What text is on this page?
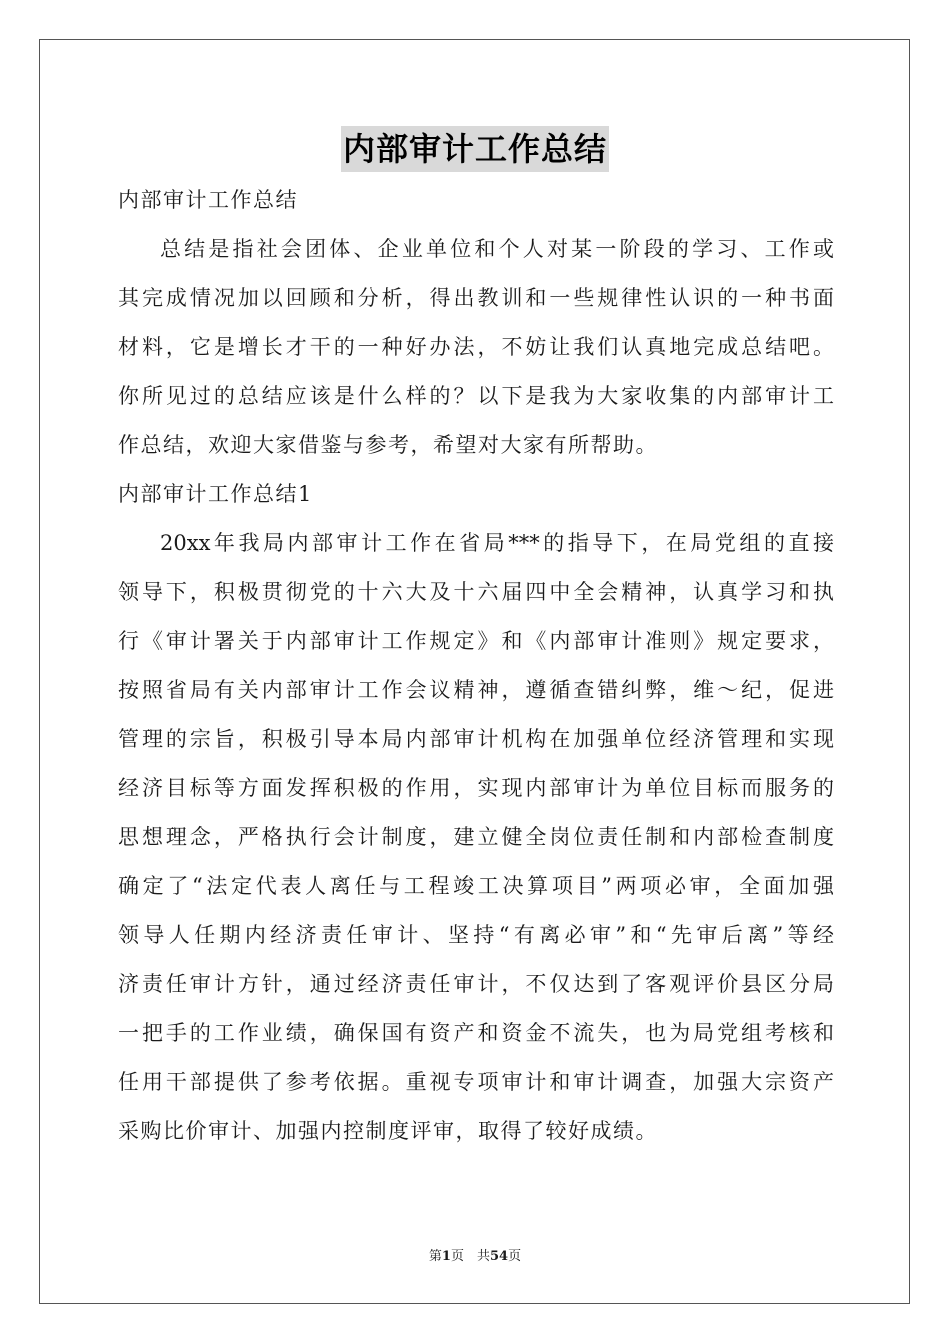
内部审计工作总结
内部审计工作总结
总结是指社会团体、企业单位和个人对某一阶段的学习、工作或
其完成情况加以回顾和分析，得出教训和一些规律性认识的一种书面
材料，它是增长才干的一种好办法，不妨让我们认真地完成总结吧。
你所见过的总结应该是什么样的？以下是我为大家收集的内部审计工
作总结，欢迎大家借鉴与参考，希望对大家有所帮助。
内部审计工作总结1
20xx年我局内部审计工作在省局***的指导下，在局党组的直接
领导下，积极贯彻党的十六大及十六届四中全会精神，认真学习和执
行《审计署关于内部审计工作规定》和《内部审计准则》规定要求，
按照省局有关内部审计工作会议精神，遵循查错纠弊，维～纪，促进
管理的宗旨，积极引导本局内部审计机构在加强单位经济管理和实现
经济目标等方面发挥积极的作用，实现内部审计为单位目标而服务的
思想理念，严格执行会计制度，建立健全岗位责任制和内部检查制度
确定了“法定代表人离任与工程竣工决算项目”两项必审，全面加强
领导人任期内经济责任审计、坚持“有离必审”和“先审后离”等经
济责任审计方针，通过经济责任审计，不仅达到了客观评价县区分局
一把手的工作业绩，确保国有资产和资金不流失，也为局党组考核和
任用干部提供了参考依据。重视专项审计和审计调查，加强大宗资产
采购比价审计、加强内控制度评审，取得了较好成绩。
第1页　共54页
